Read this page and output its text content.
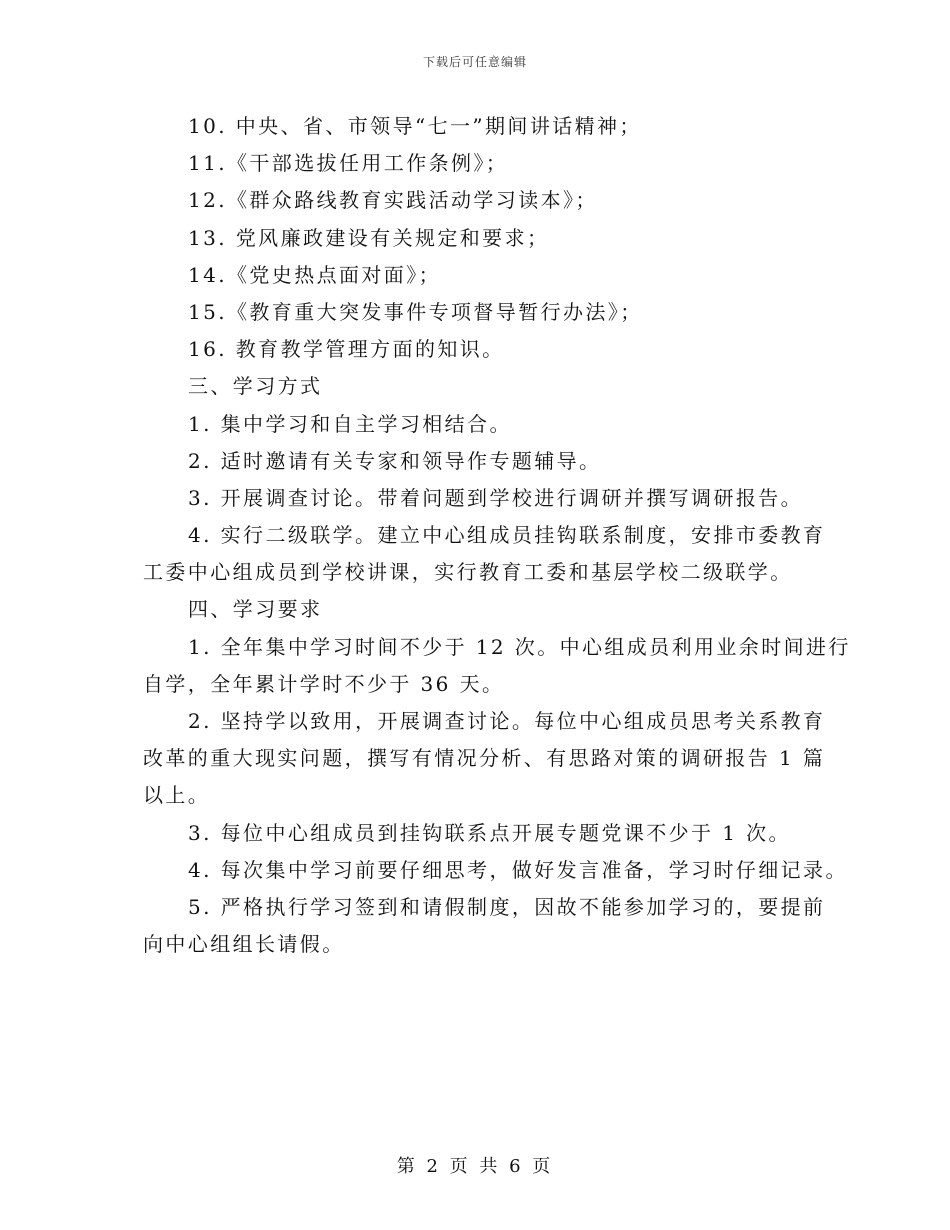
下载后可任意编辑
10. 中央、省、市领导“七一”期间讲话精神；
11.《干部选拔任用工作条例》；
12.《群众路线教育实践活动学习读本》；
13. 党风廉政建设有关规定和要求；
14.《党史热点面对面》；
15.《教育重大突发事件专项督导暂行办法》；
16. 教育教学管理方面的知识。
三、学习方式
1. 集中学习和自主学习相结合。
2. 适时邀请有关专家和领导作专题辅导。
3. 开展调查讨论。带着问题到学校进行调研并撰写调研报告。
4. 实行二级联学。建立中心组成员挂钩联系制度，安排市委教育
工委中心组成员到学校讲课，实行教育工委和基层学校二级联学。
四、学习要求
1. 全年集中学习时间不少于 12 次。中心组成员利用业余时间进行
自学，全年累计学时不少于 36 天。
2. 坚持学以致用，开展调查讨论。每位中心组成员思考关系教育
改革的重大现实问题，撰写有情况分析、有思路对策的调研报告 1 篇
以上。
3. 每位中心组成员到挂钩联系点开展专题党课不少于 1 次。
4. 每次集中学习前要仔细思考，做好发言准备，学习时仔细记录。
5. 严格执行学习签到和请假制度，因故不能参加学习的，要提前
向中心组组长请假。
第 2 页 共 6 页
